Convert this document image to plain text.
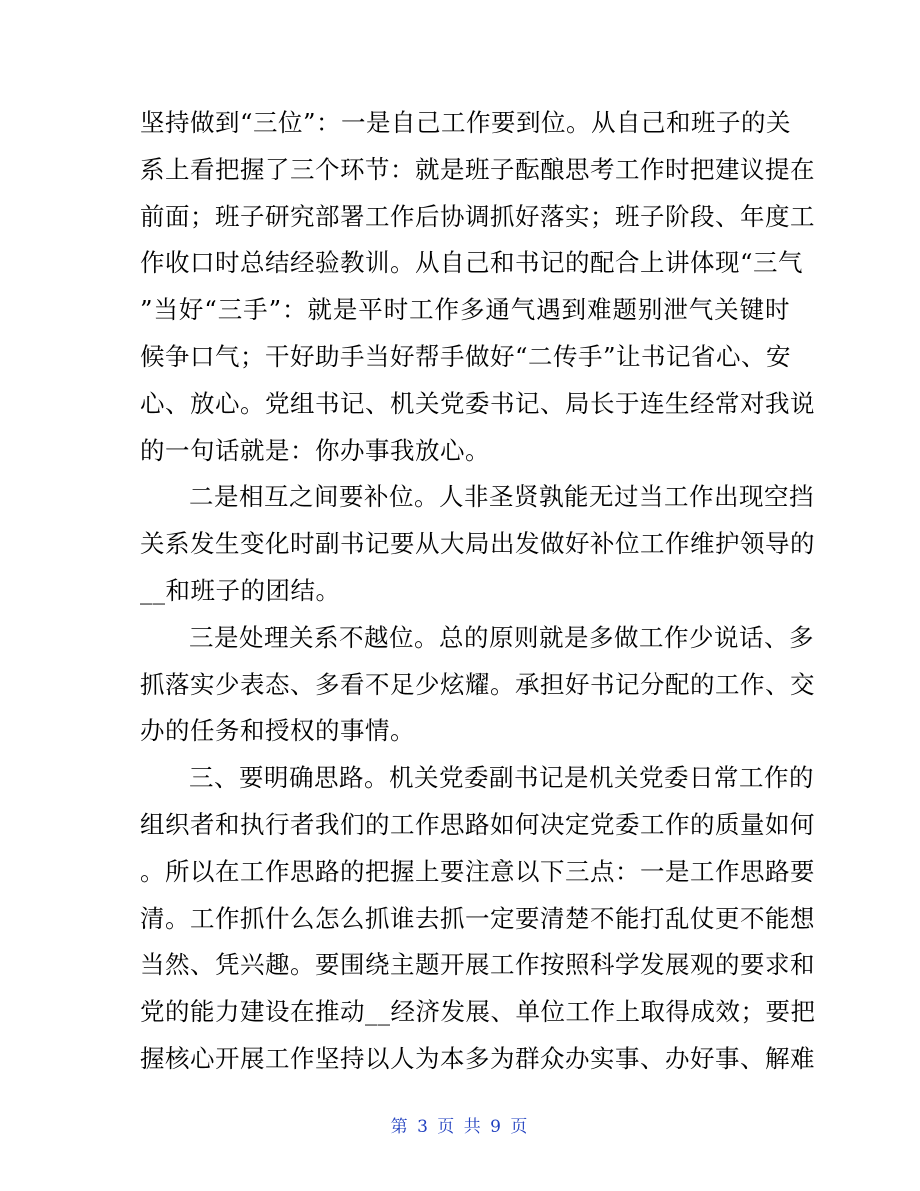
坚持做到“三位”：一是自己工作要到位。从自己和班子的关
系上看把握了三个环节：就是班子酝酿思考工作时把建议提在
前面；班子研究部署工作后协调抓好落实；班子阶段、年度工
作收口时总结经验教训。从自己和书记的配合上讲体现“三气
”当好“三手”：就是平时工作多通气遇到难题别泄气关键时
候争口气；干好助手当好帮手做好“二传手”让书记省心、安
心、放心。党组书记、机关党委书记、局长于连生经常对我说
的一句话就是：你办事我放心。
二是相互之间要补位。人非圣贤孰能无过当工作出现空挡
关系发生变化时副书记要从大局出发做好补位工作维护领导的
__和班子的团结。
三是处理关系不越位。总的原则就是多做工作少说话、多
抓落实少表态、多看不足少炫耀。承担好书记分配的工作、交
办的任务和授权的事情。
三、要明确思路。机关党委副书记是机关党委日常工作的
组织者和执行者我们的工作思路如何决定党委工作的质量如何
。所以在工作思路的把握上要注意以下三点：一是工作思路要
清。工作抓什么怎么抓谁去抓一定要清楚不能打乱仗更不能想
当然、凭兴趣。要围绕主题开展工作按照科学发展观的要求和
党的能力建设在推动__经济发展、单位工作上取得成效；要把
握核心开展工作坚持以人为本多为群众办实事、办好事、解难
第 3 页 共 9 页
